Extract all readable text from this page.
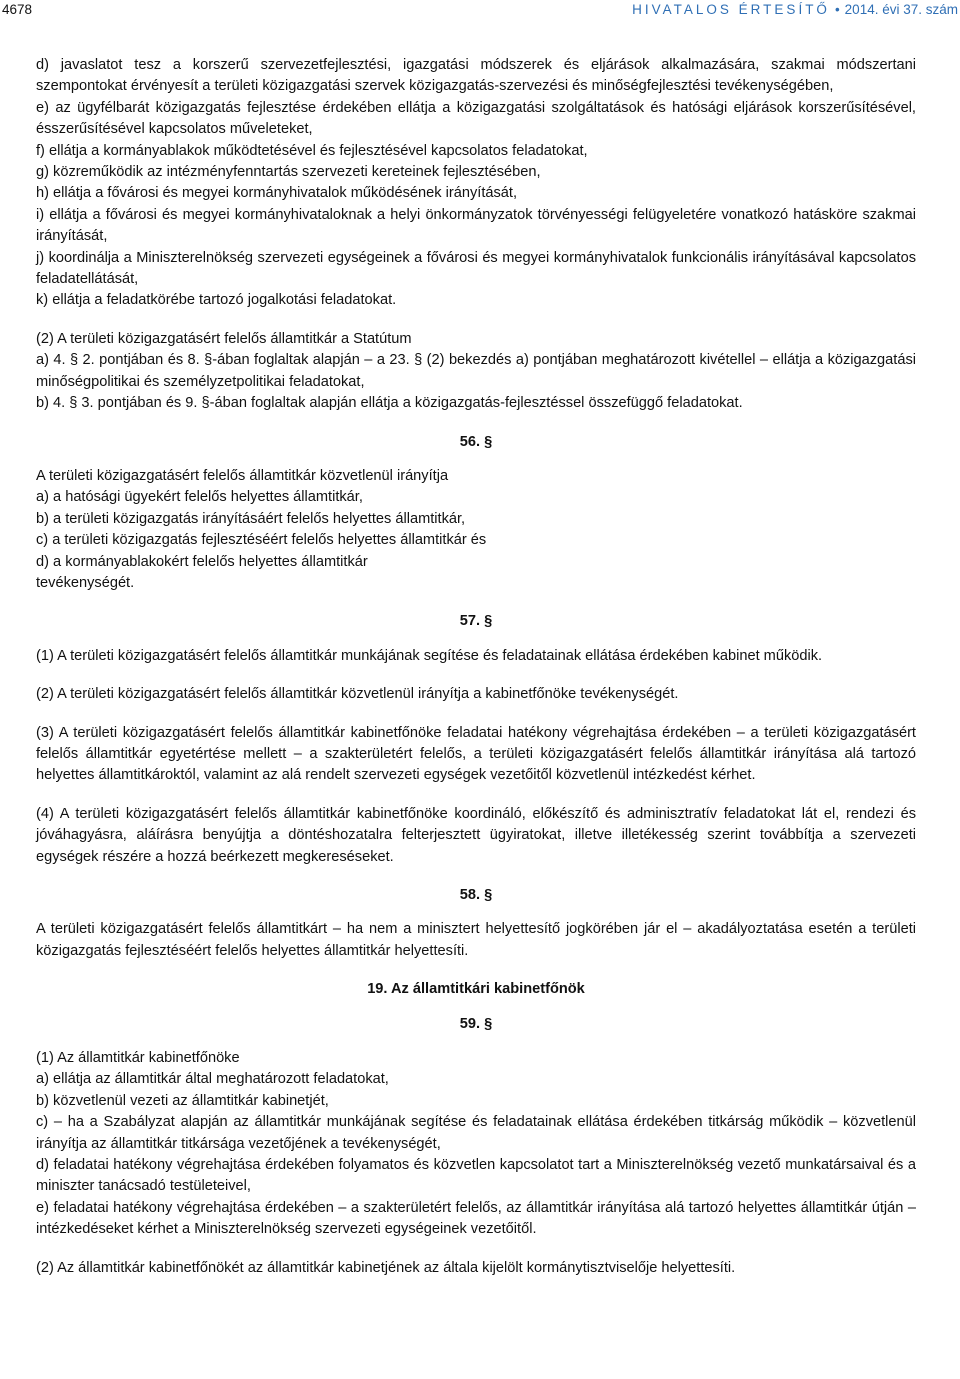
4678	HIVATALOS ÉRTESÍTŐ • 2014. évi 37. szám

d) javaslatot tesz a korszerű szervezetfejlesztési, igazgatási módszerek és eljárások alkalmazására, szakmai módszertani szempontokat érvényesít a területi közigazgatási szervek közigazgatás-szervezési és minőségfejlesztési tevékenységében,

e) az ügyfélbarát közigazgatás fejlesztése érdekében ellátja a közigazgatási szolgáltatások és hatósági eljárások korszerűsítésével, ésszerűsítésével kapcsolatos műveleteket,

f) ellátja a kormányablakok működtetésével és fejlesztésével kapcsolatos feladatokat,

g) közreműködik az intézményfenntartás szervezeti kereteinek fejlesztésében,

h) ellátja a fővárosi és megyei kormányhivatalok működésének irányítását,

i) ellátja a fővárosi és megyei kormányhivataloknak a helyi önkormányzatok törvényességi felügyeletére vonatkozó hatásköre szakmai irányítását,

j) koordinálja a Miniszterelnökség szervezeti egységeinek a fővárosi és megyei kormányhivatalok funkcionális irányításával kapcsolatos feladatellátását,

k) ellátja a feladatkörébe tartozó jogalkotási feladatokat.

(2) A területi közigazgatásért felelős államtitkár a Statútum

a) 4. § 2. pontjában és 8. §-ában foglaltak alapján – a 23. § (2) bekezdés a) pontjában meghatározott kivétellel – ellátja a közigazgatási minőségpolitikai és személyzetpolitikai feladatokat,

b) 4. § 3. pontjában és 9. §-ában foglaltak alapján ellátja a közigazgatás-fejlesztéssel összefüggő feladatokat.

56. §

A területi közigazgatásért felelős államtitkár közvetlenül irányítja

a) a hatósági ügyekért felelős helyettes államtitkár,

b) a területi közigazgatás irányításáért felelős helyettes államtitkár,

c) a területi közigazgatás fejlesztéséért felelős helyettes államtitkár és

d) a kormányablakokért felelős helyettes államtitkár

tevékenységét.

57. §

(1) A területi közigazgatásért felelős államtitkár munkájának segítése és feladatainak ellátása érdekében kabinet működik.

(2) A területi közigazgatásért felelős államtitkár közvetlenül irányítja a kabinetfőnöke tevékenységét.

(3) A területi közigazgatásért felelős államtitkár kabinetfőnöke feladatai hatékony végrehajtása érdekében – a területi közigazgatásért felelős államtitkár egyetértése mellett – a szakterületért felelős, a területi közigazgatásért felelős államtitkár irányítása alá tartozó helyettes államtitkároktól, valamint az alá rendelt szervezeti egységek vezetőitől közvetlenül intézkedést kérhet.

(4) A területi közigazgatásért felelős államtitkár kabinetfőnöke koordináló, előkészítő és adminisztratív feladatokat lát el, rendezi és jóváhagyásra, aláírásra benyújtja a döntéshozatalra felterjesztett ügyiratokat, illetve illetékesség szerint továbbítja a szervezeti egységek részére a hozzá beérkezett megkereséseket.

58. §

A területi közigazgatásért felelős államtitkárt – ha nem a minisztert helyettesítő jogkörében jár el – akadályoztatása esetén a területi közigazgatás fejlesztéséért felelős helyettes államtitkár helyettesíti.

19. Az államtitkári kabinetfőnök

59. §

(1) Az államtitkár kabinetfőnöke

a) ellátja az államtitkár által meghatározott feladatokat,

b) közvetlenül vezeti az államtitkár kabinetjét,

c) – ha a Szabályzat alapján az államtitkár munkájának segítése és feladatainak ellátása érdekében titkárság működik – közvetlenül irányítja az államtitkár titkársága vezetőjének a tevékenységét,

d) feladatai hatékony végrehajtása érdekében folyamatos és közvetlen kapcsolatot tart a Miniszterelnökség vezető munkatársaival és a miniszter tanácsadó testületeivel,

e) feladatai hatékony végrehajtása érdekében – a szakterületért felelős, az államtitkár irányítása alá tartozó helyettes államtitkár útján – intézkedéseket kérhet a Miniszterelnökség szervezeti egységeinek vezetőitől.

(2) Az államtitkár kabinetfőnökét az államtitkár kabinetjének az általa kijelölt kormánytisztviselője helyettesíti.
